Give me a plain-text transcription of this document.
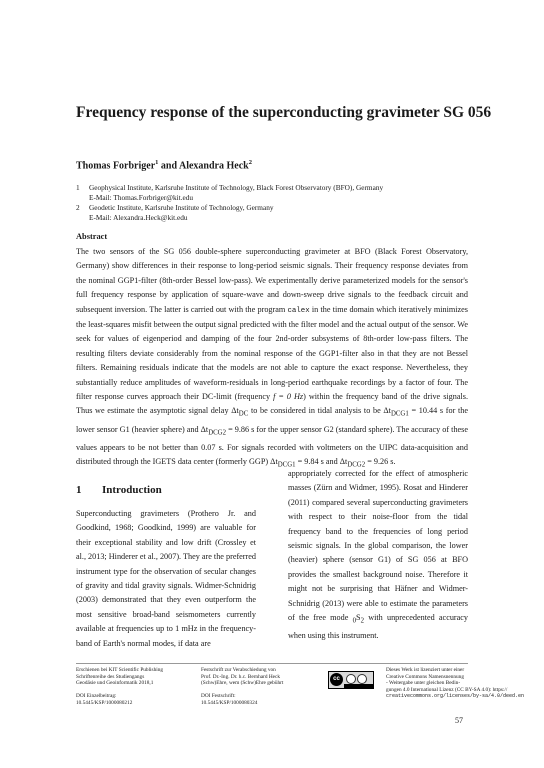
Frequency response of the superconducting gravimeter SG 056
Thomas Forbriger$^1$ and Alexandra Heck$^2$
1 Geophysical Institute, Karlsruhe Institute of Technology, Black Forest Observatory (BFO), Germany
E-Mail: Thomas.Forbriger@kit.edu
2 Geodetic Institute, Karlsruhe Institute of Technology, Germany
E-Mail: Alexandra.Heck@kit.edu
Abstract
The two sensors of the SG 056 double-sphere superconducting gravimeter at BFO (Black Forest Observatory, Germany) show differences in their response to long-period seismic signals. Their frequency response deviates from the nominal GGP1-filter (8th-order Bessel low-pass). We experimentally derive parameterized models for the sensor's full frequency response by application of square-wave and down-sweep drive signals to the feedback circuit and subsequent inversion. The latter is carried out with the program calex in the time domain which iteratively minimizes the least-squares misfit between the output signal predicted with the filter model and the actual output of the sensor. We seek for values of eigenperiod and damping of the four 2nd-order subsystems of 8th-order low-pass filters. The resulting filters deviate considerably from the nominal response of the GGP1-filter also in that they are not Bessel filters. Remaining residuals indicate that the models are not able to capture the exact response. Nevertheless, they substantially reduce amplitudes of waveform-residuals in long-period earthquake recordings by a factor of four. The filter response curves approach their DC-limit (frequency f = 0 Hz) within the frequency band of the drive signals. Thus we estimate the asymptotic signal delay $\Delta t_{DC}$ to be considered in tidal analysis to be $\Delta t_{DCG1} = 10.44$ s for the lower sensor G1 (heavier sphere) and $\Delta t_{DCG2} = 9.86$ s for the upper sensor G2 (standard sphere). The accuracy of these values appears to be not better than 0.07 s. For signals recorded with voltmeters on the UIPC data-acquisition and distributed through the IGETS data center (formerly GGP) $\Delta t_{DCG1} = 9.84$ s and $\Delta t_{DCG2} = 9.26$ s.
1 Introduction
Superconducting gravimeters (Prothero Jr. and Goodkind, 1968; Goodkind, 1999) are valuable for their exceptional stability and low drift (Crossley et al., 2013; Hinderer et al., 2007). They are the preferred instrument type for the observation of secular changes of gravity and tidal gravity signals. Widmer-Schnidrig (2003) demonstrated that they even outperform the most sensitive broad-band seismometers currently available at frequencies up to 1 mHz in the frequency-band of Earth's normal modes, if data are
appropriately corrected for the effect of atmospheric masses (Zürn and Widmer, 1995). Rosat and Hinderer (2011) compared several superconducting gravimeters with respect to their noise-floor from the tidal frequency band to the frequencies of long period seismic signals. In the global comparison, the lower (heavier) sphere (sensor G1) of SG 056 at BFO provides the smallest background noise. Therefore it might not be surprising that Häfner and Widmer-Schnidrig (2013) were able to estimate the parameters of the free mode $_0S_2$ with unprecedented accuracy when using this instrument.
Erschienen bei KIT Scientific Publishing
Schriftenreihe des Studiengangs
Geodäsie und Geoinformatik 2018,1
DOI Einzelbeitrag:
10.5445/KSP/1000080212
Festschrift zur Verabschiedung von
Prof. Dr.-Ing. Dr. h.c. Bernhard Heck
(Schw)Ehre, wem (Schw)Ehre gebührt
DOI Festschrift:
10.5445/KSP/1000080324
cc
Dieses Werk ist lizenziert unter einer
Creative Commons Namensnennung
- Weitergabe unter gleichen Bedin-
gungen 4.0 International Lizenz (CC BY-SA 4.0): https://
creativecommons.org/licenses/by-sa/4.0/deed.en
57
